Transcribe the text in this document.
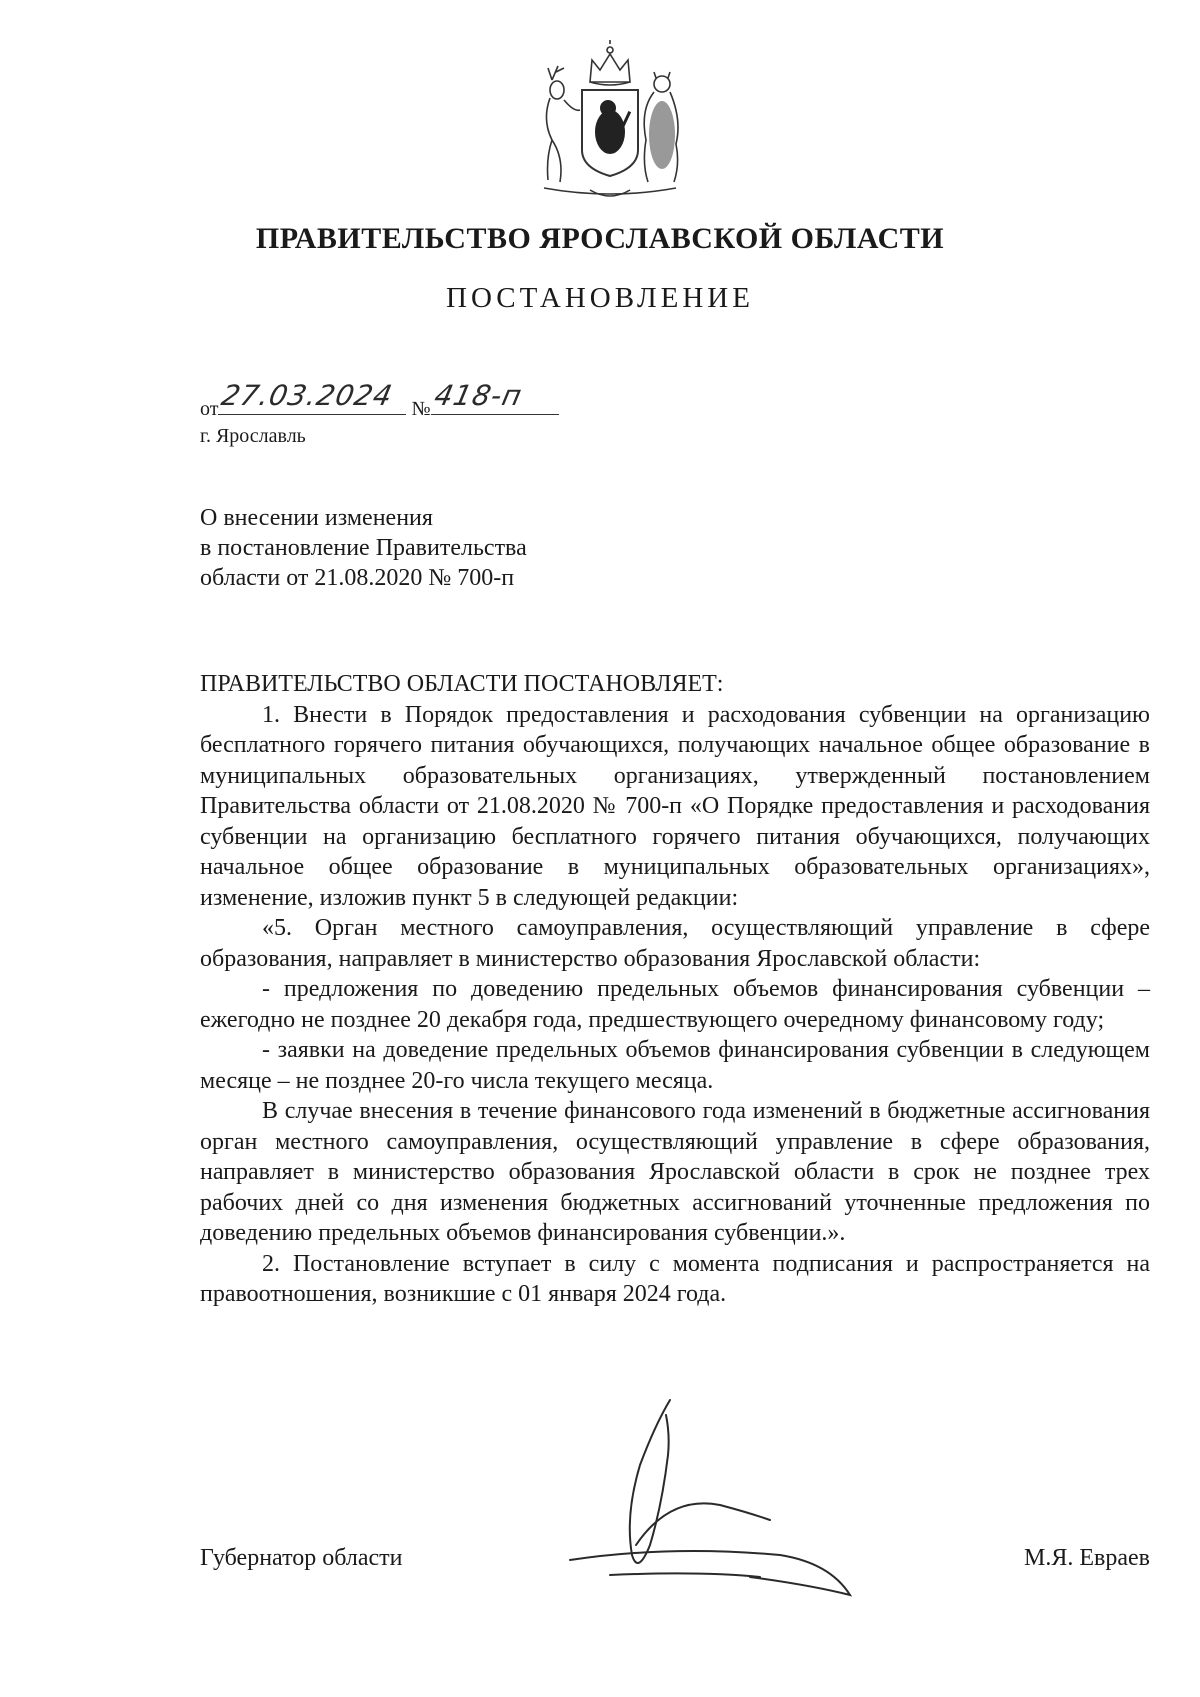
ПРАВИТЕЛЬСТВО ЯРОСЛАВСКОЙ ОБЛАСТИ
ПОСТАНОВЛЕНИЕ
от 27.03.2024 № 418-п
г. Ярославль
О внесении изменения
в постановление Правительства
области от 21.08.2020 № 700-п

ПРАВИТЕЛЬСТВО ОБЛАСТИ ПОСТАНОВЛЯЕТ:

1. Внести в Порядок предоставления и расходования субвенции на организацию бесплатного горячего питания обучающихся, получающих начальное общее образование в муниципальных образовательных организациях, утвержденный постановлением Правительства области от 21.08.2020 № 700-п «О Порядке предоставления и расходования субвенции на организацию бесплатного горячего питания обучающихся, получающих начальное общее образование в муниципальных образовательных организациях», изменение, изложив пункт 5 в следующей редакции:

«5. Орган местного самоуправления, осуществляющий управление в сфере образования, направляет в министерство образования Ярославской области:

- предложения по доведению предельных объемов финансирования субвенции – ежегодно не позднее 20 декабря года, предшествующего очередному финансовому году;

- заявки на доведение предельных объемов финансирования субвенции в следующем месяце – не позднее 20-го числа текущего месяца.

В случае внесения в течение финансового года изменений в бюджетные ассигнования орган местного самоуправления, осуществляющий управление в сфере образования, направляет в министерство образования Ярославской области в срок не позднее трех рабочих дней со дня изменения бюджетных ассигнований уточненные предложения по доведению предельных объемов финансирования субвенции.».

2. Постановление вступает в силу с момента подписания и распространяется на правоотношения, возникшие с 01 января 2024 года.

Губернатор области	М.Я. Евраев
